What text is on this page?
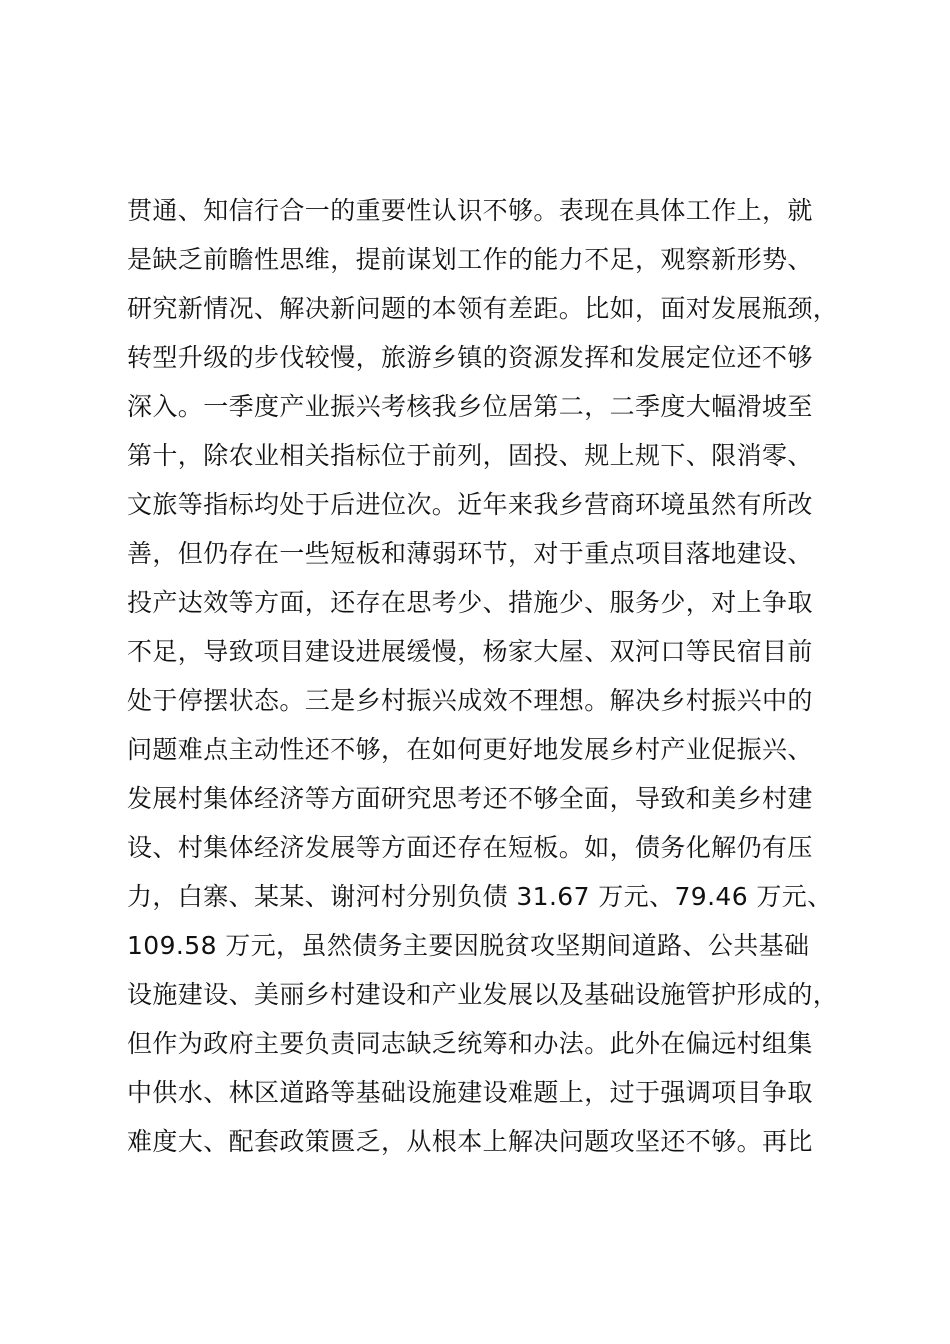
贯通、知信行合一的重要性认识不够。表现在具体工作上，就
是缺乏前瞻性思维，提前谋划工作的能力不足，观察新形势、
研究新情况、解决新问题的本领有差距。比如，面对发展瓶颈，
转型升级的步伐较慢，旅游乡镇的资源发挥和发展定位还不够
深入。一季度产业振兴考核我乡位居第二，二季度大幅滑坡至
第十，除农业相关指标位于前列，固投、规上规下、限消零、
文旅等指标均处于后进位次。近年来我乡营商环境虽然有所改
善，但仍存在一些短板和薄弱环节，对于重点项目落地建设、
投产达效等方面，还存在思考少、措施少、服务少，对上争取
不足，导致项目建设进展缓慢，杨家大屋、双河口等民宿目前
处于停摆状态。三是乡村振兴成效不理想。解决乡村振兴中的
问题难点主动性还不够，在如何更好地发展乡村产业促振兴、
发展村集体经济等方面研究思考还不够全面，导致和美乡村建
设、村集体经济发展等方面还存在短板。如，债务化解仍有压
力，白寨、某某、谢河村分别负债 31.67 万元、79.46 万元、
109.58 万元，虽然债务主要因脱贫攻坚期间道路、公共基础
设施建设、美丽乡村建设和产业发展以及基础设施管护形成的，
但作为政府主要负责同志缺乏统筹和办法。此外在偏远村组集
中供水、林区道路等基础设施建设难题上，过于强调项目争取
难度大、配套政策匮乏，从根本上解决问题攻坚还不够。再比
